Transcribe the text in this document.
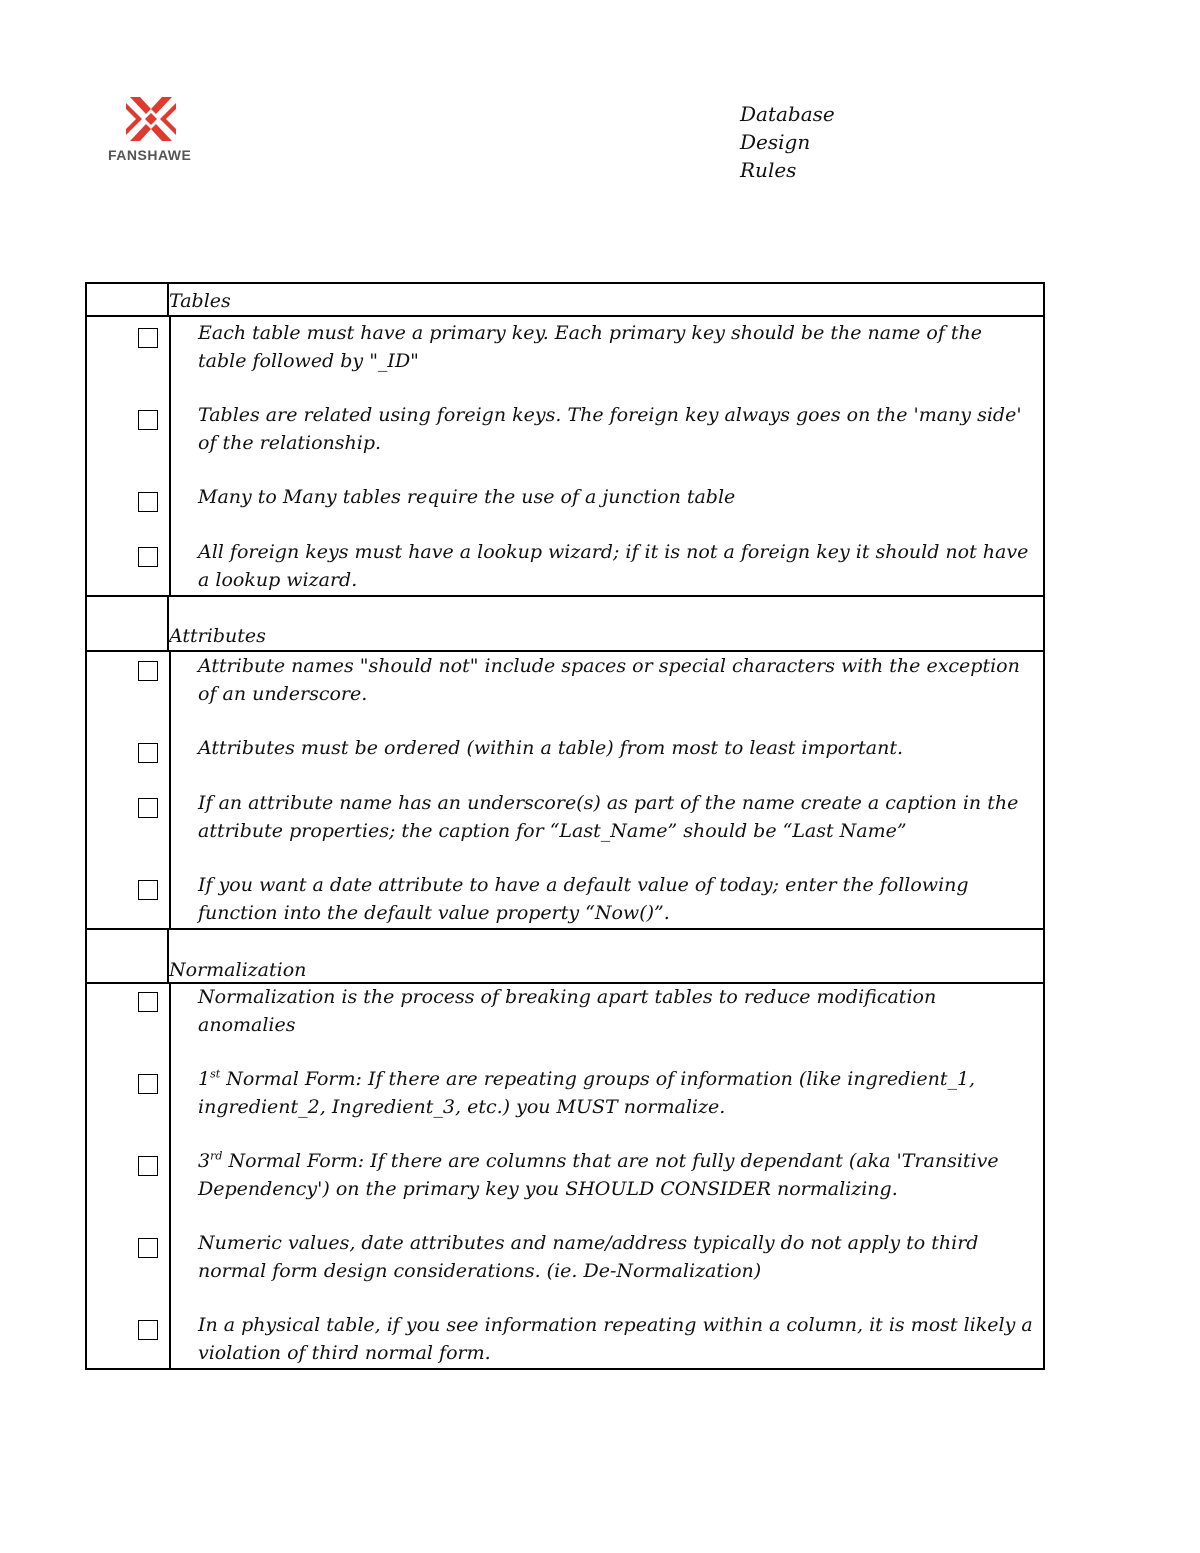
FANSHAWE
Database
Design
Rules

	Tables

Each table must have a primary key. Each primary key should be the name of the table followed by "_ID"
Tables are related using foreign keys. The foreign key always goes on the 'many side' of the relationship.
Many to Many tables require the use of a junction table
All foreign keys must have a lookup wizard; if it is not a foreign key it should not have a lookup wizard.	

	Attributes

Attribute names "should not" include spaces or special characters with the exception of an underscore.
Attributes must be ordered (within a table) from most to least important.
If an attribute name has an underscore(s) as part of the name create a caption in the attribute properties; the caption for “Last_Name” should be “Last Name”
If you want a date attribute to have a default value of today; enter the following function into the default value property “Now()”.	

	Normalization

Normalization is the process of breaking apart tables to reduce modification anomalies
1st Normal Form: If there are repeating groups of information (like ingredient_1, ingredient_2, Ingredient_3, etc.) you MUST normalize.
3rd Normal Form: If there are columns that are not fully dependant (aka 'Transitive Dependency') on the primary key you SHOULD CONSIDER normalizing.
Numeric values, date attributes and name/address typically do not apply to third normal form design considerations. (ie. De-Normalization)
In a physical table, if you see information repeating within a column, it is most likely a violation of third normal form.	
